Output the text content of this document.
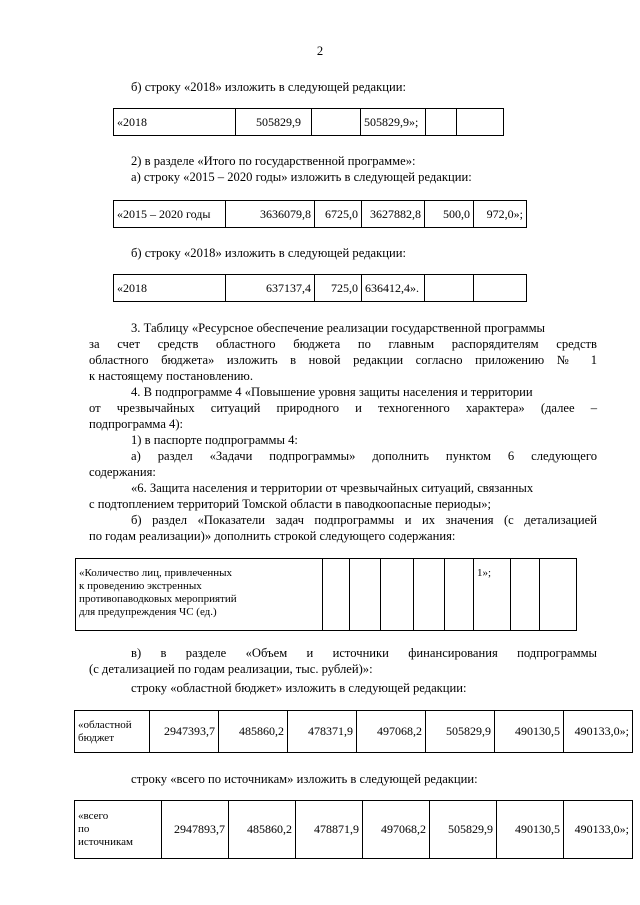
2
б) строку «2018» изложить в следующей редакции:
«2018	505829,9		505829,9»;		
2) в разделе «Итого по государственной программе»:
а) строку «2015 – 2020 годы» изложить в следующей редакции:
«2015 – 2020 годы	3636079,8	6725,0	3627882,8	500,0	972,0»;
б) строку «2018» изложить в следующей редакции:
«2018	637137,4	725,0	636412,4».		
3. Таблицу «Ресурсное обеспечение реализации государственной программы
за счет средств областного бюджета по главным распорядителям средств
областного бюджета» изложить в новой редакции согласно приложению № 1
к настоящему постановлению.
4. В подпрограмме 4 «Повышение уровня защиты населения и территории
от чрезвычайных ситуаций природного и техногенного характера» (далее –
подпрограмма 4):
1) в паспорте подпрограммы 4:
а) раздел «Задачи подпрограммы» дополнить пунктом 6 следующего
содержания:
«6. Защита населения и территории от чрезвычайных ситуаций, связанных
с подтоплением территорий Томской области в паводкоопасные периоды»;
б) раздел «Показатели задач подпрограммы и их значения (с детализацией
по годам реализации)» дополнить строкой следующего содержания:
«Количество лиц, привлеченных
к проведению экстренных
противопаводковых мероприятий
для предупреждения ЧС (ед.)
						1»;		
в) в разделе «Объем и источники финансирования подпрограммы
(с детализацией по годам реализации, тыс. рублей)»:
строку «областной бюджет» изложить в следующей редакции:
«областной
бюджет	2947393,7	485860,2	478371,9	497068,2	505829,9	490130,5	490133,0»;
строку «всего по источникам» изложить в следующей редакции:
«всего
по
источникам
	2947893,7	485860,2	478871,9	497068,2	505829,9	490130,5	490133,0»;
